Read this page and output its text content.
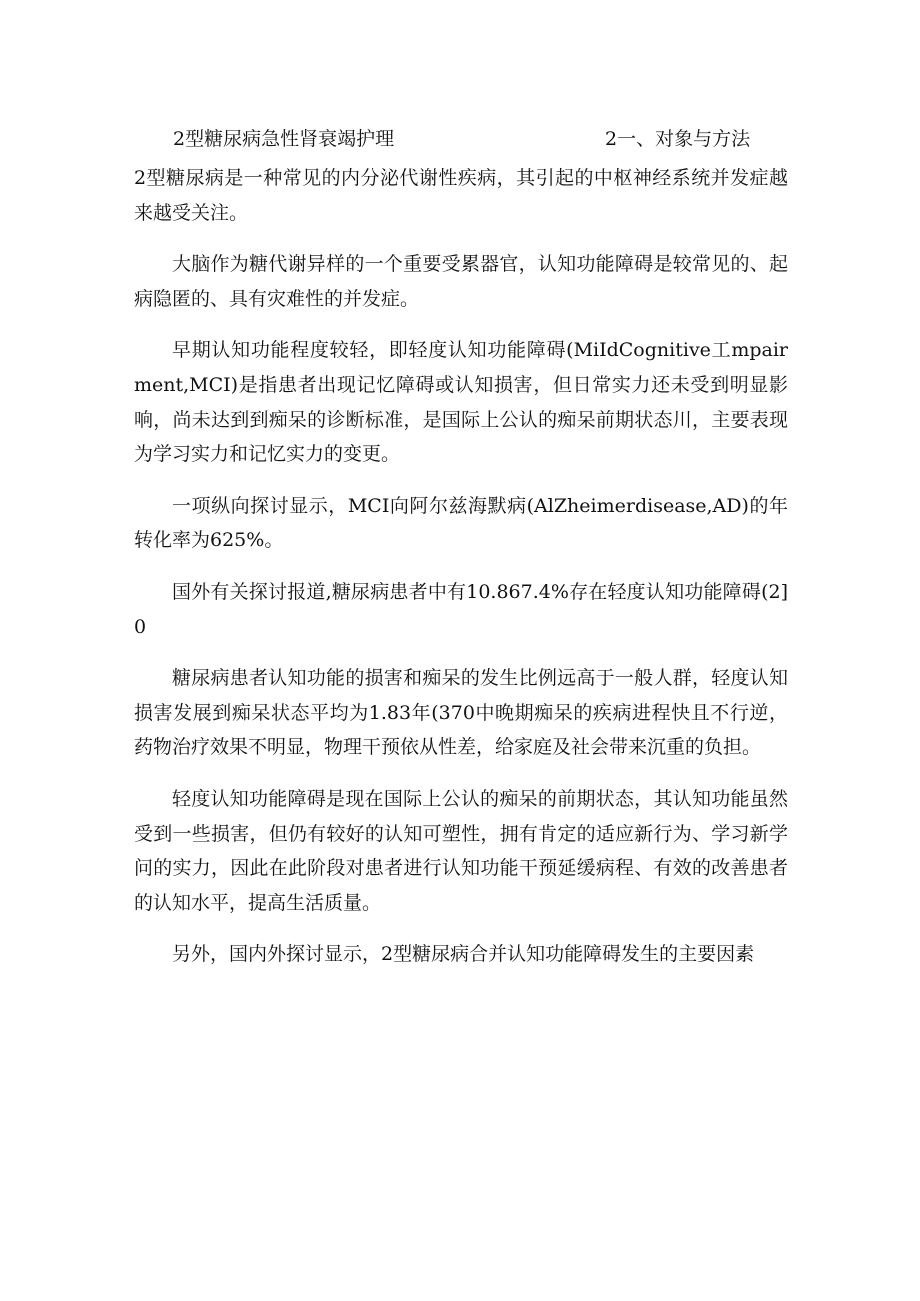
2型糖尿病急性肾衰竭护理	2一、对象与方法

2型糖尿病是一种常见的内分泌代谢性疾病，其引起的中枢神经系统并发症越来越受关注。

大脑作为糖代谢异样的一个重要受累器官，认知功能障碍是较常见的、起病隐匿的、具有灾难性的并发症。

早期认知功能程度较轻，即轻度认知功能障碍(MiIdCognitive工mpairment,MCI)是指患者出现记忆障碍或认知损害，但日常实力还未受到明显影响，尚未达到到痴呆的诊断标准，是国际上公认的痴呆前期状态川，主要表现为学习实力和记忆实力的变更。

一项纵向探讨显示，MCI向阿尔兹海默病(AlZheimerdisease,AD)的年转化率为625%。

国外有关探讨报道,糖尿病患者中有10.867.4%存在轻度认知功能障碍(2]0

糖尿病患者认知功能的损害和痴呆的发生比例远高于一般人群，轻度认知损害发展到痴呆状态平均为1.83年(370中晚期痴呆的疾病进程快且不行逆，药物治疗效果不明显，物理干预依从性差，给家庭及社会带来沉重的负担。

轻度认知功能障碍是现在国际上公认的痴呆的前期状态，其认知功能虽然受到一些损害，但仍有较好的认知可塑性，拥有肯定的适应新行为、学习新学问的实力，因此在此阶段对患者进行认知功能干预延缓病程、有效的改善患者的认知水平，提高生活质量。

另外，国内外探讨显示，2型糖尿病合并认知功能障碍发生的主要因素
